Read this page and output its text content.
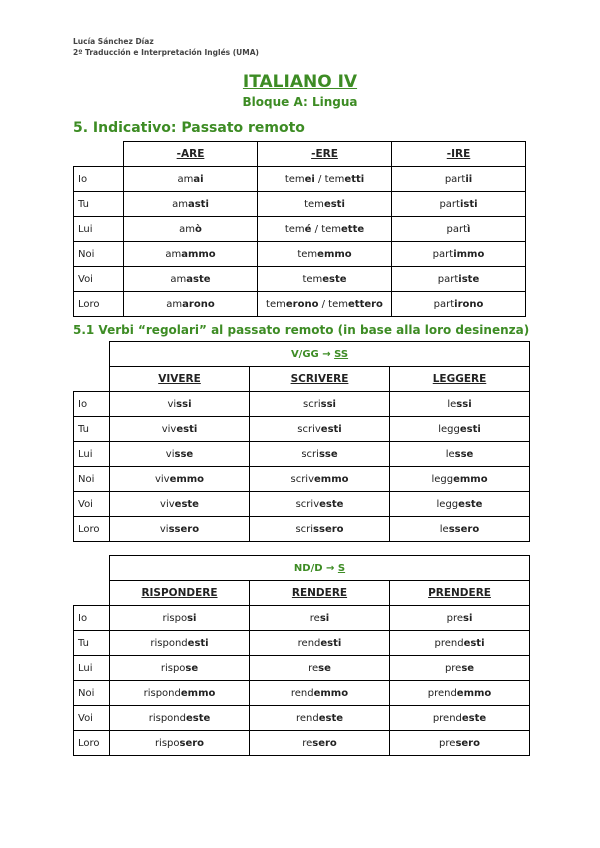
Lucía Sánchez Díaz
2º Traducción e Interpretación Inglés (UMA)
ITALIANO IV
Bloque A: Lingua
5. Indicativo: Passato remoto
	-ARE	-ERE	-IRE
Io	amai	temei / temetti	partii
Tu	amasti	temesti	partisti
Lui	amò	temé / temette	partì
Noi	amammo	tememmo	partimmo
Voi	amaste	temeste	partiste
Loro	amarono	temerono / temettero	partirono
5.1 Verbi “regolari” al passato remoto (in base alla loro desinenza)
	V/GG → SS		
	VIVERE	SCRIVERE	LEGGERE
Io	vissi	scrissi	lessi
Tu	vivesti	scrivesti	leggesti
Lui	visse	scrisse	lesse
Noi	vivemmo	scrivemmo	leggemmo
Voi	viveste	scriveste	leggeste
Loro	vissero	scrissero	lessero
	ND/D → S		
	RISPONDERE	RENDERE	PRENDERE
Io	risposi	resi	presi
Tu	rispondesti	rendesti	prendesti
Lui	rispose	rese	prese
Noi	rispondemmo	rendemmo	prendemmo
Voi	rispondeste	rendeste	prendeste
Loro	risposero	resero	presero
